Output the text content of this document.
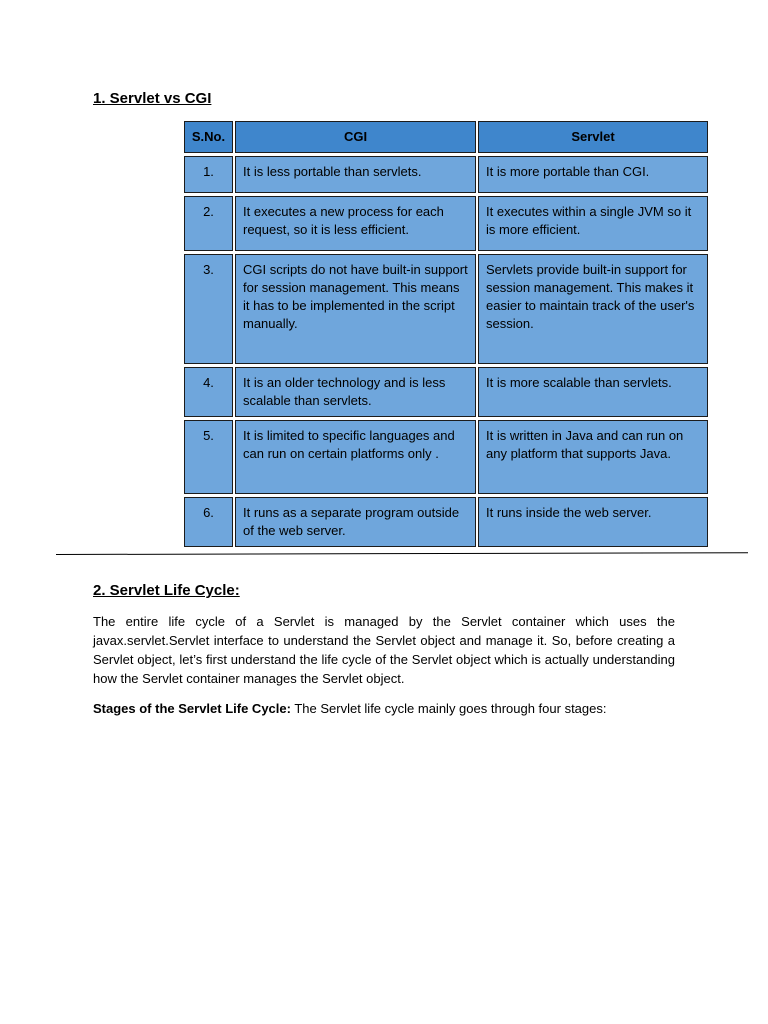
1. Servlet vs CGI
S.No.	CGI	Servlet
1.	It is less portable than servlets.	It is more portable than CGI.
2.	It executes a new process for each request, so it is less efficient.	It executes within a single JVM so it is more efficient.
3.	CGI scripts do not have built-in support for session management. This means it has to be implemented in the script manually.	Servlets provide built-in support for session management. This makes it easier to maintain track of the user's session.
4.	It is an older technology and is less scalable than servlets.	It is more scalable than servlets.
5.	It is limited to specific languages and can run on certain platforms only .	It is written in Java and can run on any platform that supports Java.
6.	It runs as a separate program outside of the web server.	It runs inside the web server.
2. Servlet Life Cycle:

The entire life cycle of a Servlet is managed by the Servlet container which uses the javax.servlet.Servlet interface to understand the Servlet object and manage it. So, before creating a Servlet object, let’s first understand the life cycle of the Servlet object which is actually understanding how the Servlet container manages the Servlet object.

Stages of the Servlet Life Cycle: The Servlet life cycle mainly goes through four stages:
